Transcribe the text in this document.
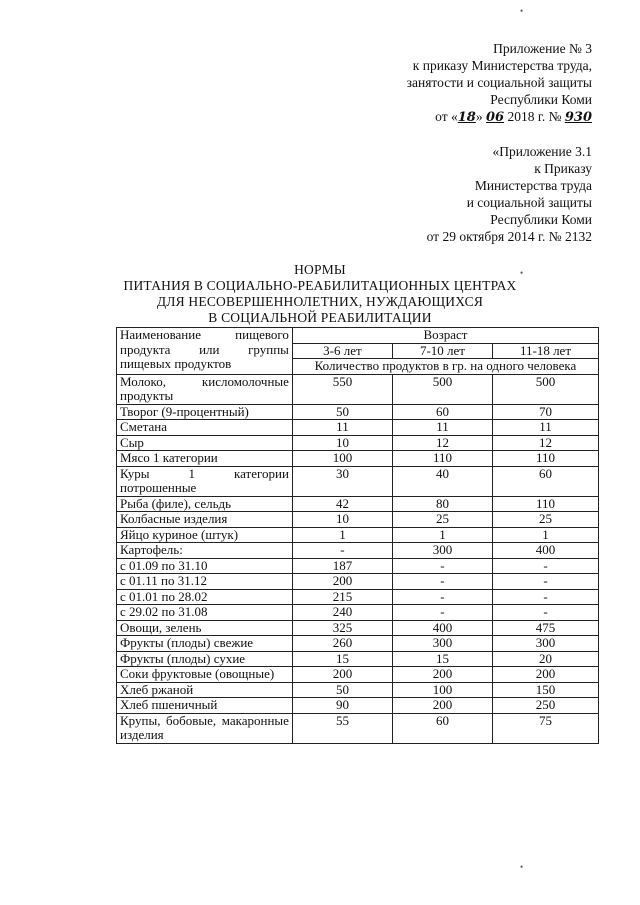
Приложение № 3
к приказу Министерства труда,
занятости и социальной защиты
Республики Коми
от «18» 06 2018 г. № 930
«Приложение 3.1
к Приказу
Министерства труда
и социальной защиты
Республики Коми
от 29 октября 2014 г. № 2132
НОРМЫ
ПИТАНИЯ В СОЦИАЛЬНО-РЕАБИЛИТАЦИОННЫХ ЦЕНТРАХ
ДЛЯ НЕСОВЕРШЕННОЛЕТНИХ, НУЖДАЮЩИХСЯ
В СОЦИАЛЬНОЙ РЕАБИЛИТАЦИИ
Наименование пищевого продукта или группы пищевых продуктов	Возраст		
	3-6 лет	7-10 лет	11-18 лет
	Количество продуктов в гр. на одного человека		
Молоко, кисломолочные продукты	550	500	500
Творог (9-процентный)	50	60	70
Сметана	11	11	11
Сыр	10	12	12
Мясо 1 категории	100	110	110
Куры 1 категории потрошенные	30	40	60
Рыба (филе), сельдь	42	80	110
Колбасные изделия	10	25	25
Яйцо куриное (штук)	1	1	1
Картофель:	-	300	400
с 01.09 по 31.10	187	-	-
с 01.11 по 31.12	200	-	-
с 01.01 по 28.02	215	-	-
с 29.02 по 31.08	240	-	-
Овощи, зелень	325	400	475
Фрукты (плоды) свежие	260	300	300
Фрукты (плоды) сухие	15	15	20
Соки фруктовые (овощные)	200	200	200
Хлеб ржаной	50	100	150
Хлеб пшеничный	90	200	250
Крупы, бобовые, макаронные изделия	55	60	75
•
•
•
